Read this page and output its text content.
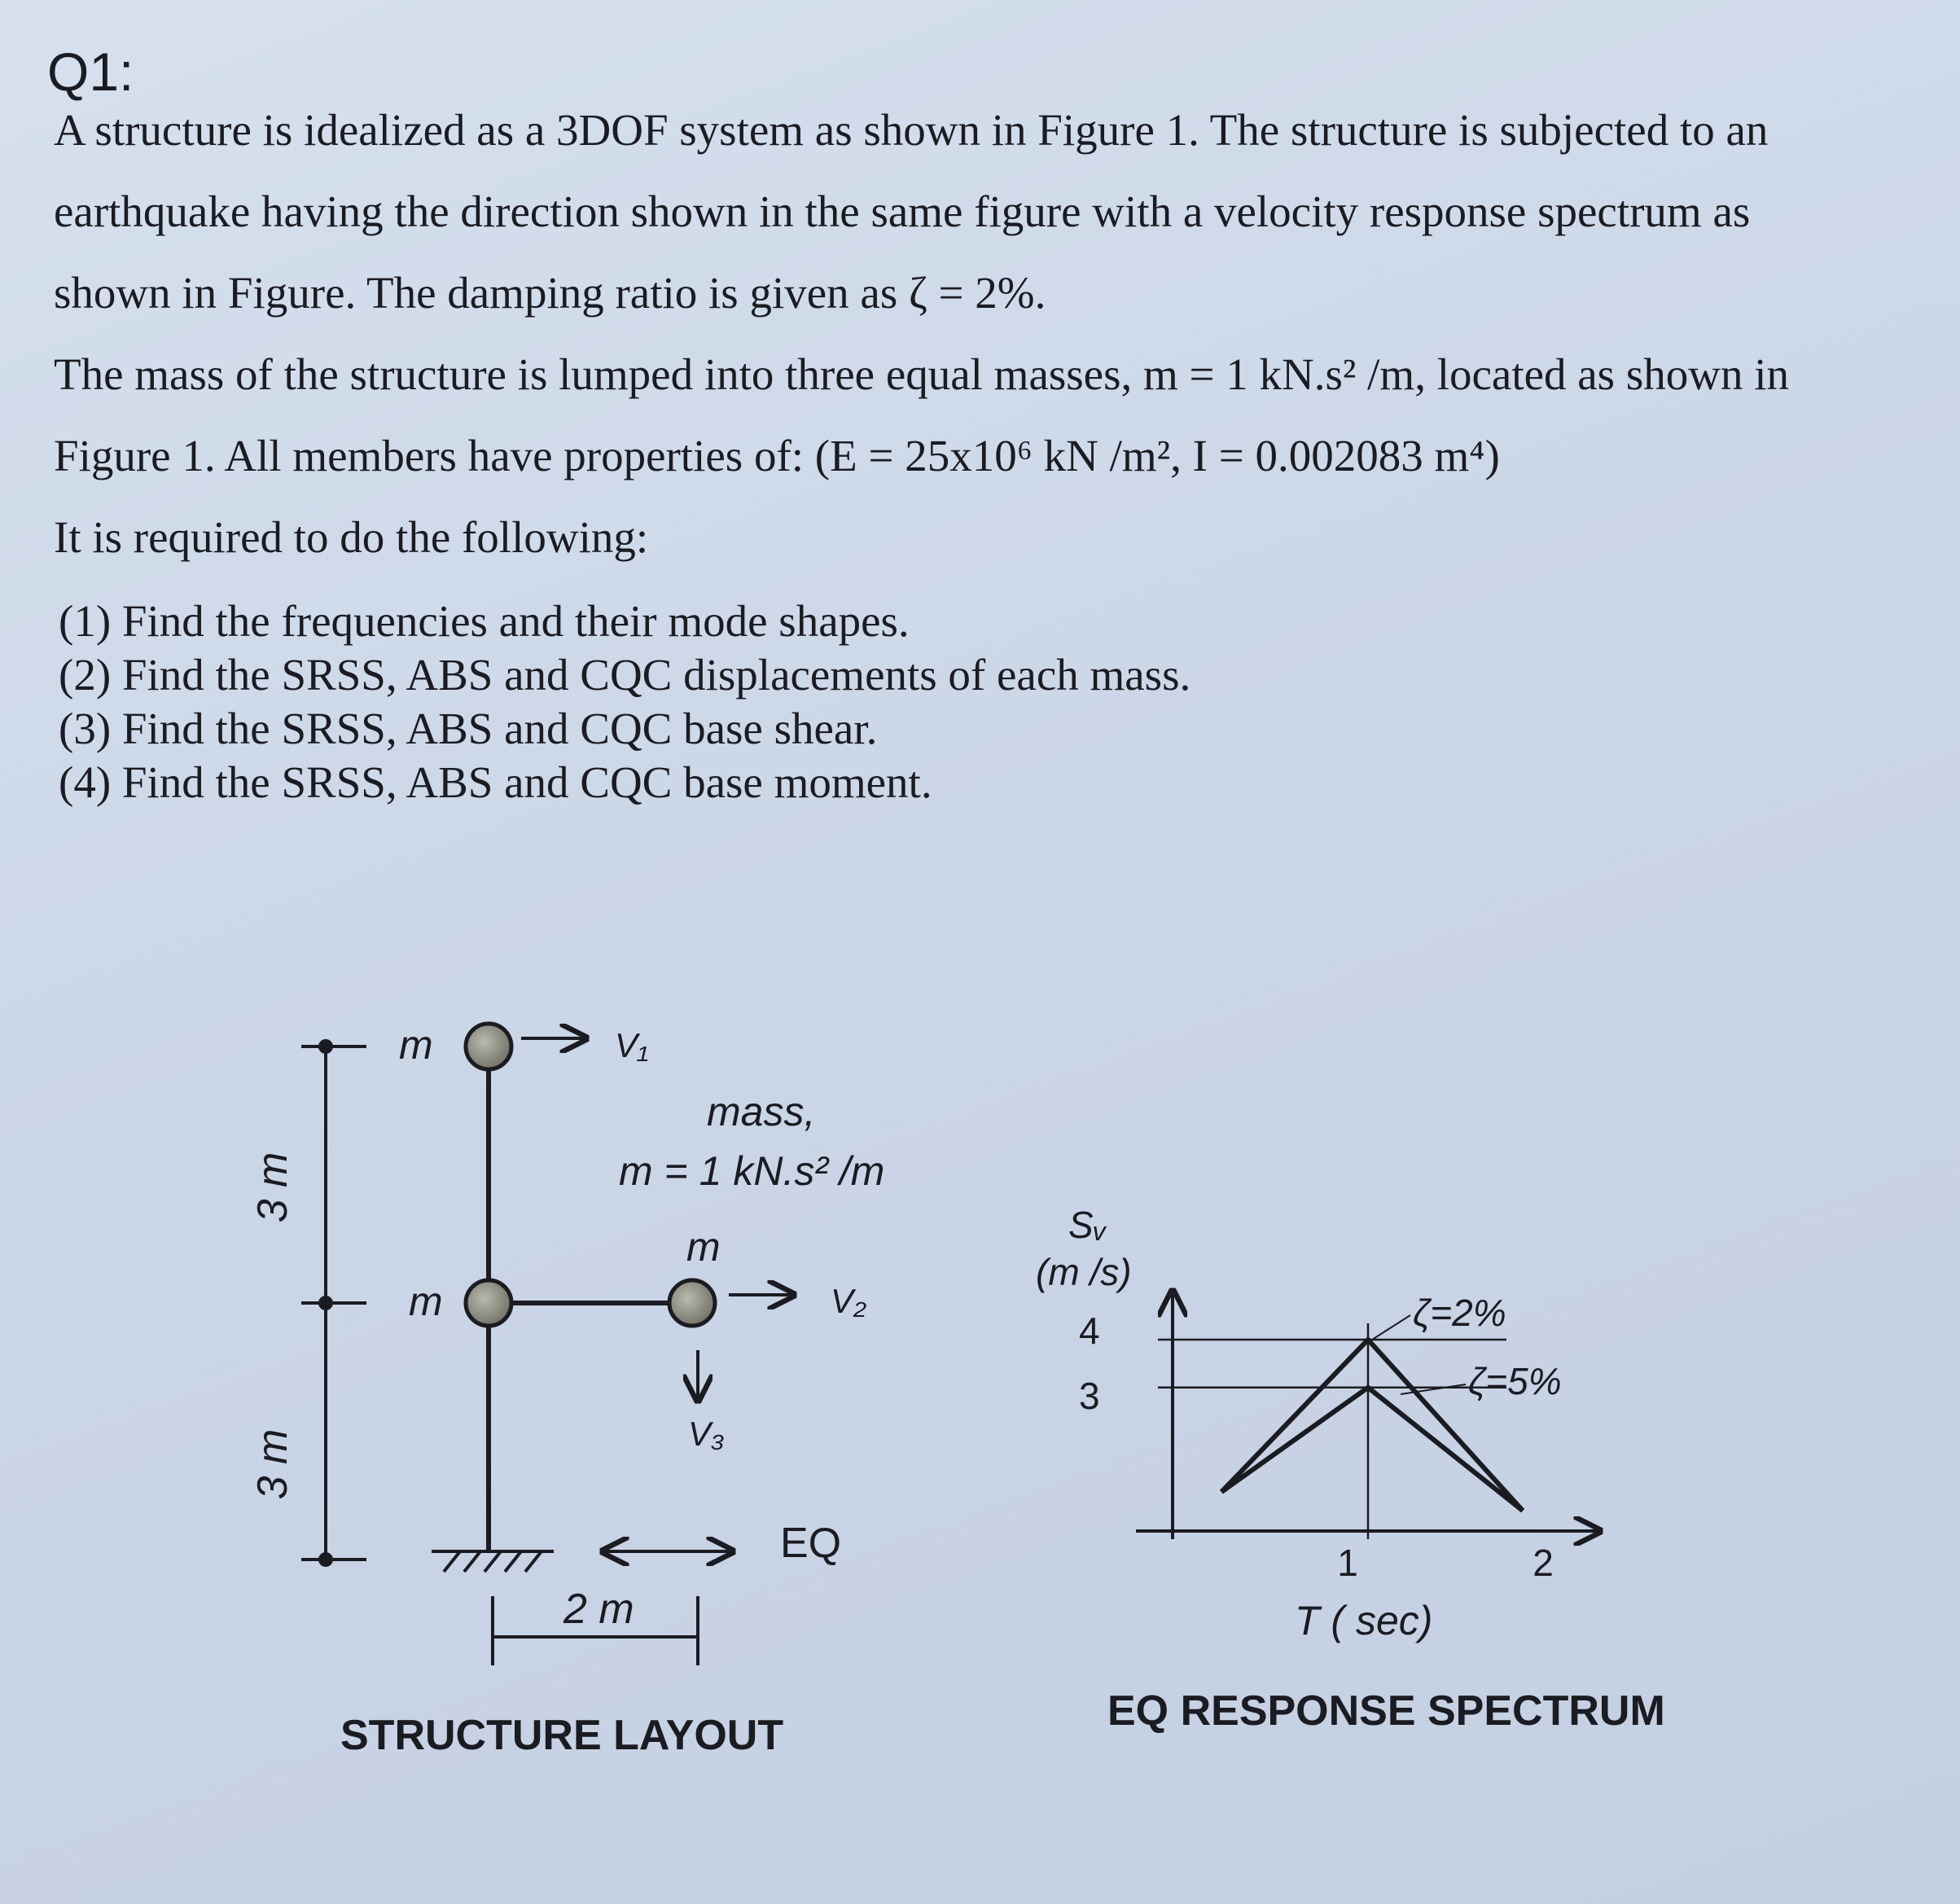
Q1:

A structure is idealized as a 3DOF system as shown in Figure 1. The structure is subjected to an

earthquake having the direction shown in the same figure with a velocity response spectrum as

shown in Figure. The damping ratio is given as ζ = 2%.

The mass of the structure is lumped into three equal masses, m = 1 kN.s² /m, located as shown in

Figure 1. All members have properties of: (E = 25x10⁶ kN /m², I = 0.002083 m⁴)

It is required to do the following:

(1) Find the frequencies and their mode shapes.
(2) Find the SRSS, ABS and CQC displacements of each mass.
(3) Find the SRSS, ABS and CQC base shear.
(4) Find the SRSS, ABS and CQC base moment.
3 m
3 m
m
m
m
V₁
V₂
V₃
mass,
m = 1 kN.s² /m
EQ
2 m
STRUCTURE LAYOUT
Sᵥ
(m /s)
4
3
1	2
ζ=2%
ζ=5%
T ( sec)
EQ RESPONSE SPECTRUM
